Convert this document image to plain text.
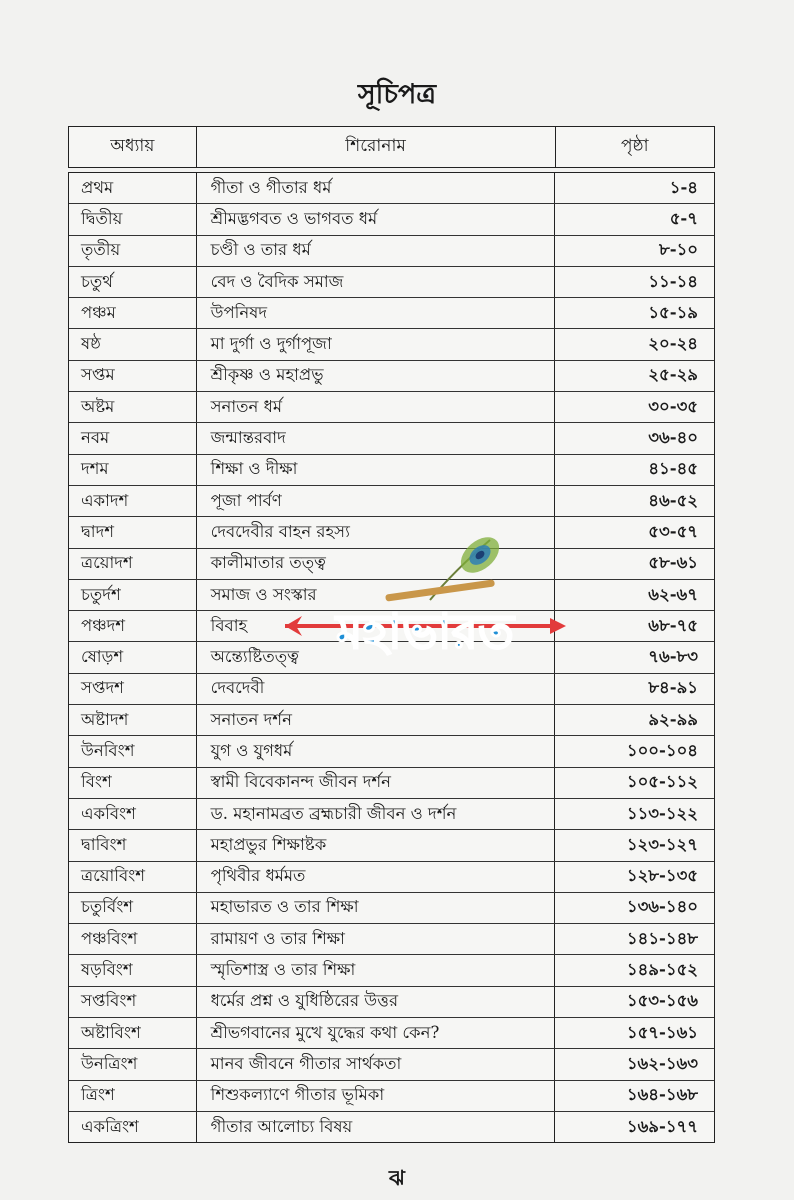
সূচিপত্র
অধ্যায়	শিরোনাম	পৃষ্ঠা
প্রথম	গীতা ও গীতার ধর্ম	১-৪
দ্বিতীয়	শ্রীমদ্ভগবত ও ভাগবত ধর্ম	৫-৭
তৃতীয়	চণ্ডী ও তার ধর্ম	৮-১০
চতুর্থ	বেদ ও বৈদিক সমাজ	১১-১৪
পঞ্চম	উপনিষদ	১৫-১৯
ষষ্ঠ	মা দুর্গা ও দুর্গাপূজা	২০-২৪
সপ্তম	শ্রীকৃষ্ণ ও মহাপ্রভু	২৫-২৯
অষ্টম	সনাতন ধর্ম	৩০-৩৫
নবম	জন্মান্তরবাদ	৩৬-৪০
দশম	শিক্ষা ও দীক্ষা	৪১-৪৫
একাদশ	পূজা পার্বণ	৪৬-৫২
দ্বাদশ	দেবদেবীর বাহন রহস্য	৫৩-৫৭
ত্রয়োদশ	কালীমাতার তত্ত্ব	৫৮-৬১
চতুর্দশ	সমাজ ও সংস্কার	৬২-৬৭
পঞ্চদশ	বিবাহ	৬৮-৭৫
ষোড়শ	অন্ত্যেষ্টিতত্ত্ব	৭৬-৮৩
সপ্তদশ	দেবদেবী	৮৪-৯১
অষ্টাদশ	সনাতন দর্শন	৯২-৯৯
উনবিংশ	যুগ ও যুগধর্ম	১০০-১০৪
বিংশ	স্বামী বিবেকানন্দ জীবন দর্শন	১০৫-১১২
একবিংশ	ড. মহানামব্রত ব্রহ্মচারী জীবন ও দর্শন	১১৩-১২২
দ্বাবিংশ	মহাপ্রভুর শিক্ষাষ্টক	১২৩-১২৭
ত্রয়োবিংশ	পৃথিবীর ধর্মমত	১২৮-১৩৫
চতুর্বিংশ	মহাভারত ও তার শিক্ষা	১৩৬-১৪০
পঞ্চবিংশ	রামায়ণ ও তার শিক্ষা	১৪১-১৪৮
ষড়বিংশ	স্মৃতিশাস্ত্র ও তার শিক্ষা	১৪৯-১৫২
সপ্তবিংশ	ধর্মের প্রশ্ন ও যুধিষ্ঠিরের উত্তর	১৫৩-১৫৬
অষ্টাবিংশ	শ্রীভগবানের মুখে যুদ্ধের কথা কেন?	১৫৭-১৬১
উনত্রিংশ	মানব জীবনে গীতার সার্থকতা	১৬২-১৬৩
ত্রিংশ	শিশুকল্যাণে গীতার ভূমিকা	১৬৪-১৬৮
একত্রিংশ	গীতার আলোচ্য বিষয়	১৬৯-১৭৭
মহাভারত
ঝ
